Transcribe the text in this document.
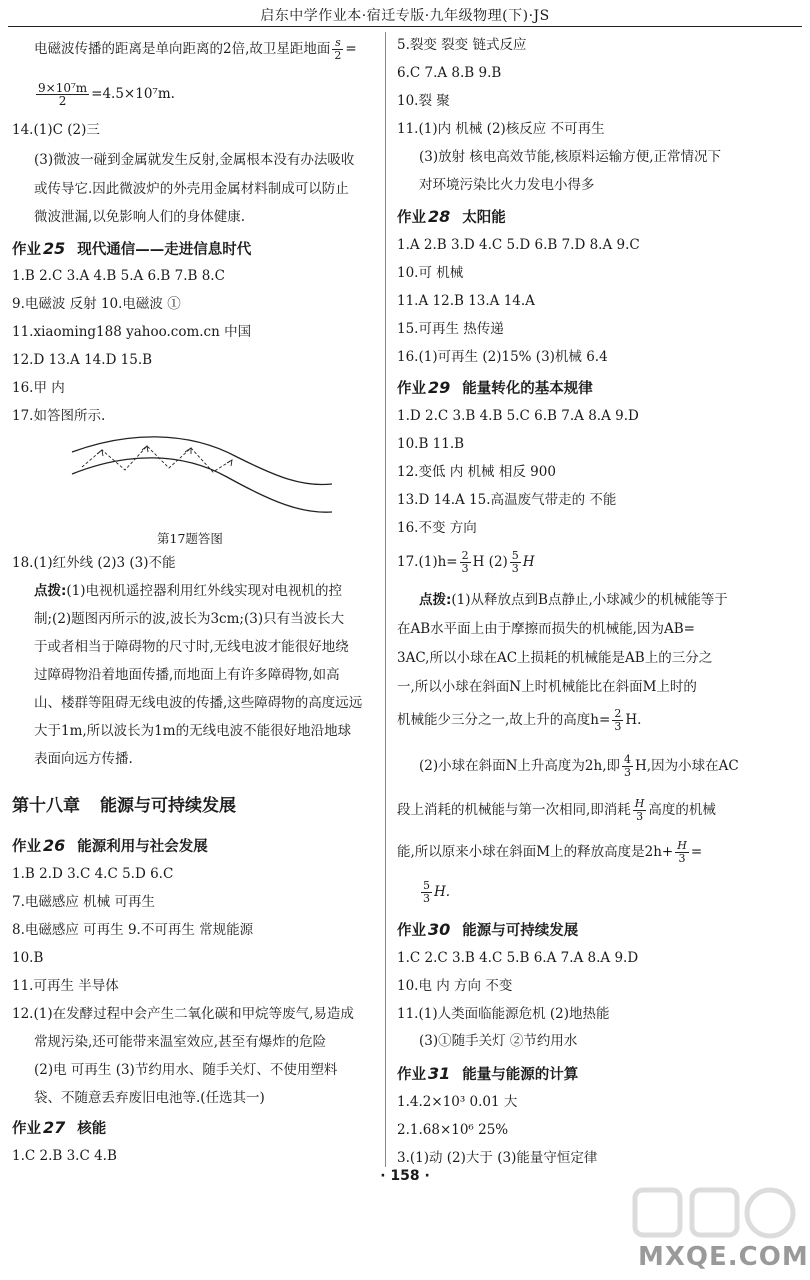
启东中学作业本·宿迁专版·九年级物理(下)·JS
电磁波传播的距离是单向距离的2倍,故卫星距地面 $\frac{s}{2}$ =
$\frac{\text{9×10⁷m}}{2} =4.5\times 10^7m$.
14.(1)C (2)三
(3)微波一碰到金属就发生反射,金属根本没有办法吸收
或传导它.因此微波炉的外壳用金属材料制成可以防止
微波泄漏,以免影响人们的身体健康.
作业 25 现代通信——走进信息时代
1.B 2.C 3.A 4.B 5.A 6.B 7.B 8.C
9.电磁波 反射 10.电磁波 ①
11.xiaoming188 yahoo.com.cn 中国
12.D 13.A 14.D 15.B
16.甲 内
17.如答图所示.
第17题答图
18.(1)红外线 (2)3 (3)不能
点拨:(1)电视机遥控器利用红外线实现对电视机的控
制;(2)题图丙所示的波,波长为3cm;(3)只有当波长大
于或者相当于障碍物的尺寸时,无线电波才能很好地绕
过障碍物沿着地面传播,而地面上有许多障碍物,如高
山、楼群等阻碍无线电波的传播,这些障碍物的高度远远
大于1m,所以波长为1m的无线电波不能很好地沿地球
表面向远方传播.
第十八章 能源与可持续发展
作业 26 能源利用与社会发展
1.B 2.D 3.C 4.C 5.D 6.C
7.电磁感应 机械 可再生
8.电磁感应 可再生 9.不可再生 常规能源
10.B
11.可再生 半导体
12.(1)在发酵过程中会产生二氧化碳和甲烷等废气,易造成
常规污染,还可能带来温室效应,甚至有爆炸的危险
(2)电 可再生 (3)节约用水、随手关灯、不使用塑料
袋、不随意丢弃废旧电池等.(任选其一)
作业 27 核能
1.C 2.B 3.C 4.B
5.裂变 裂变 链式反应
6.C 7.A 8.B 9.B
10.裂 聚
11.(1)内 机械 (2)核反应 不可再生
(3)放射 核电高效节能,核原料运输方便,正常情况下
对环境污染比火力发电小得多
作业 28 太阳能
1.A 2.B 3.D 4.C 5.D 6.B 7.D 8.A 9.C
10.可 机械
11.A 12.B 13.A 14.A
15.可再生 热传递
16.(1)可再生 (2)15% (3)机械 6.4
作业 29 能量转化的基本规律
1.D 2.C 3.B 4.B 5.C 6.B 7.A 8.A 9.D
10.B 11.B
12.变低 内 机械 相反 900
13.D 14.A 15.高温废气带走的 不能
16.不变 方向
$17.(1)h= \frac{2}{3}$ H $(2) \frac{5}{3}$ H
点拨:(1)从释放点到B点静止,小球减少的机械能等于
在AB水平面上由于摩擦而损失的机械能,因为AB=
3AC,所以小球在AC上损耗的机械能是AB上的三分之
一,所以小球在斜面N上时机械能比在斜面M上时的
机械能少三分之一,故上升的高度$h= \frac{2}{3} H$.
(2)小球在斜面N上升高度为2h,即 $\frac{4}{3} H$,因为小球在AC
段上消耗的机械能与第一次相同,即消耗 $\frac{H}{3}$ 高度的机械
能,所以原来小球在斜面M上的释放高度是$2h+ \frac{H}{3}$ =
$\frac{5}{3} H$.
作业 30 能源与可持续发展
1.C 2.C 3.B 4.C 5.B 6.A 7.A 8.A 9.D
10.电 内 方向 不变
11.(1)人类面临能源危机 (2)地热能
(3)①随手关灯 ②节约用水
作业 31 能量与能源的计算
1.4.2×10³ 0.01 大
2.1.68×10⁶ 25%
3.(1)动 (2)大于 (3)能量守恒定律
· 158 ·
MXQE.COM
